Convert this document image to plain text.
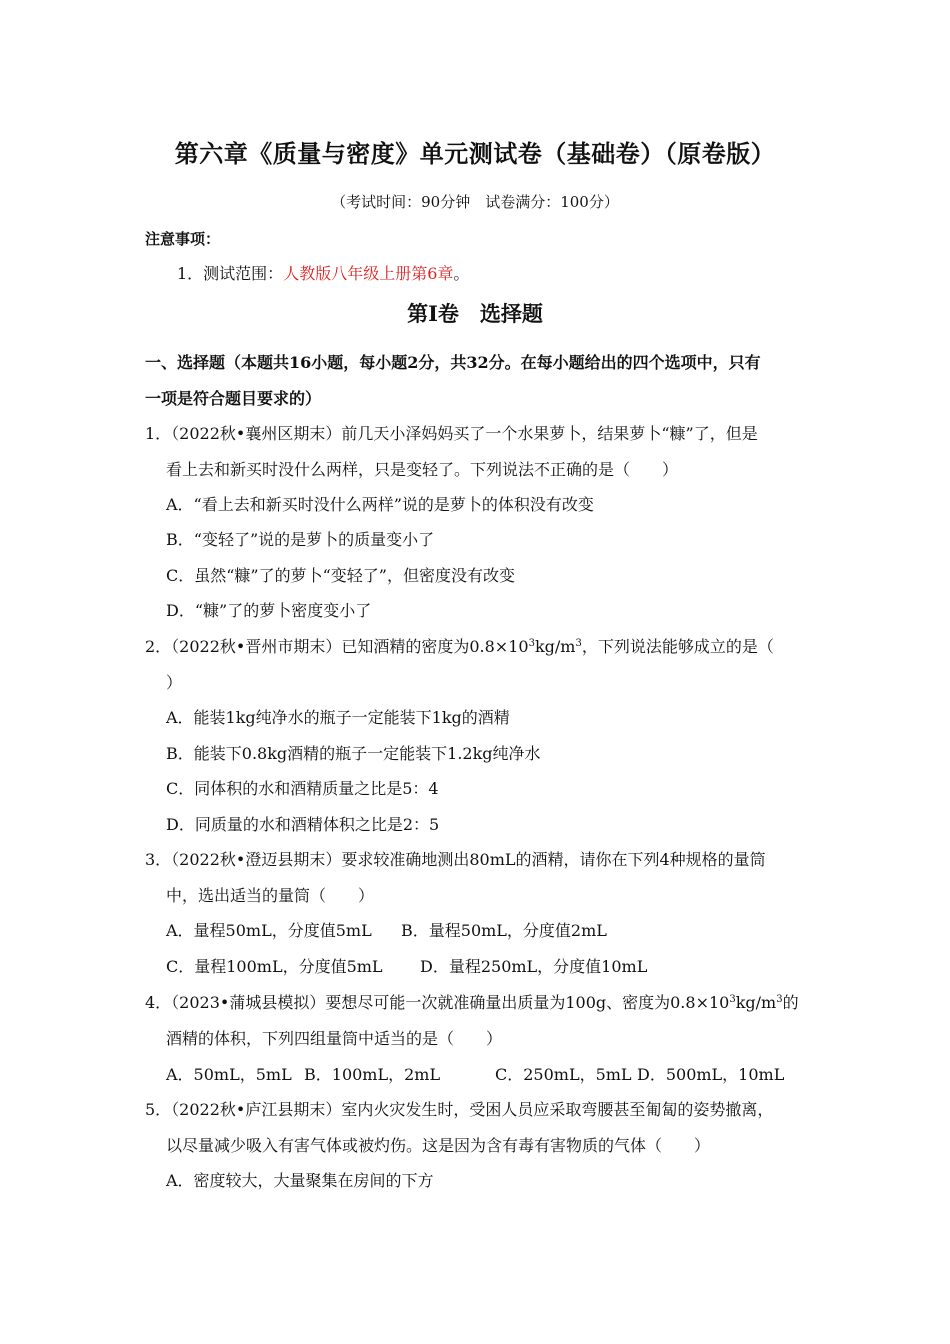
第六章《质量与密度》单元测试卷（基础卷）（原卷版）
（考试时间：90分钟　试卷满分：100分）
注意事项：
1．测试范围：人教版八年级上册第6章。
第Ⅰ卷　选择题
一、选择题（本题共16小题，每小题2分，共32分。在每小题给出的四个选项中，只有
一项是符合题目要求的）
1．（2022秋•襄州区期末）前几天小泽妈妈买了一个水果萝卜，结果萝卜“糠”了，但是
看上去和新买时没什么两样，只是变轻了。下列说法不正确的是（　　）
A．“看上去和新买时没什么两样”说的是萝卜的体积没有改变
B．“变轻了”说的是萝卜的质量变小了
C．虽然“糠”了的萝卜“变轻了”，但密度没有改变
D．“糠”了的萝卜密度变小了
2．（2022秋•晋州市期末）已知酒精的密度为$0.8\times 10^3kg/m^3$，下列说法能够成立的是（
）
A．能装1kg纯净水的瓶子一定能装下1kg的酒精
B．能装下0.8kg酒精的瓶子一定能装下1.2kg纯净水
C．同体积的水和酒精质量之比是5：4
D．同质量的水和酒精体积之比是2：5
3．（2022秋•澄迈县期末）要求较准确地测出80mL的酒精，请你在下列4种规格的量筒
中，选出适当的量筒（　　）
A．量程50mL，分度值5mL B．量程50mL，分度值2mL
C．量程100mL，分度值5mL D．量程250mL，分度值10mL
4．（2023•蒲城县模拟）要想尽可能一次就准确量出质量为100g、密度为$0.8\times 10^3kg/m^3$的
酒精的体积，下列四组量筒中适当的是（　　）
A．50mL，5mL B．100mL，2mL	C．250mL，5mL D．500mL，10mL
5．（2022秋•庐江县期末）室内火灾发生时，受困人员应采取弯腰甚至匍匐的姿势撤离，
以尽量减少吸入有害气体或被灼伤。这是因为含有毒有害物质的气体（　　）
A．密度较大，大量聚集在房间的下方
